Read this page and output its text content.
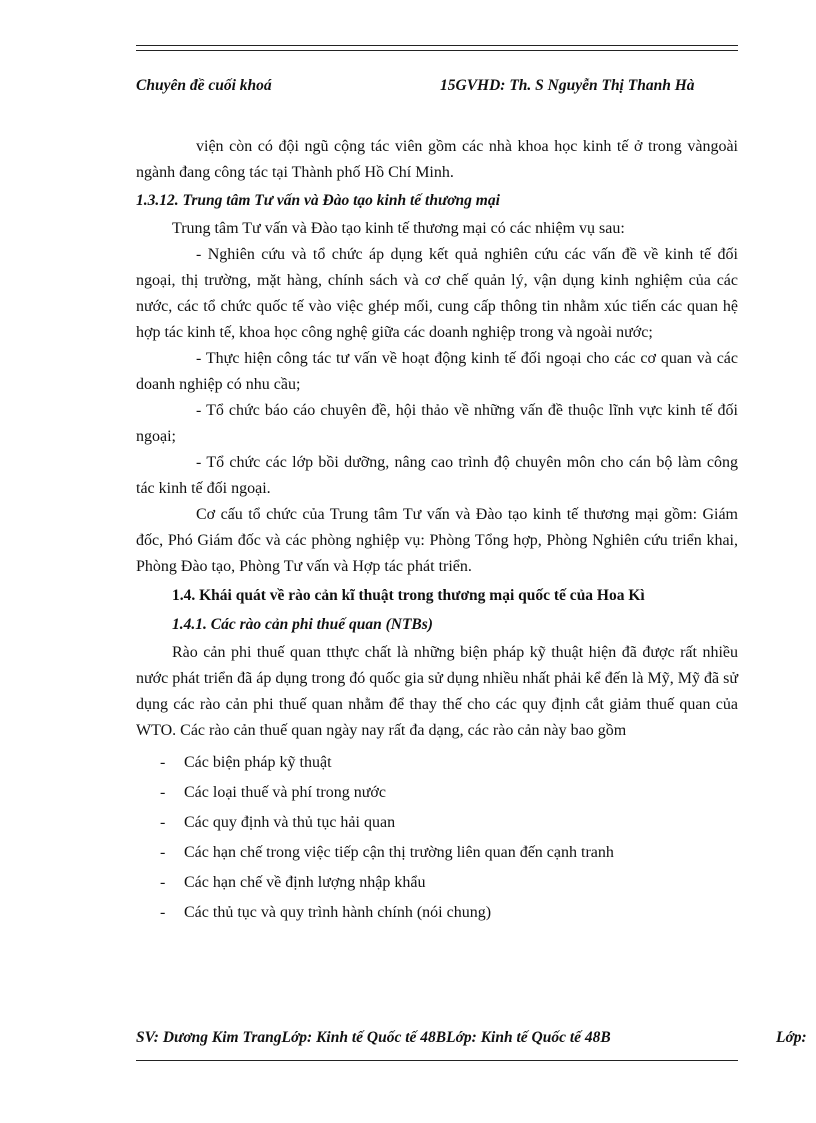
Chuyên đề cuối khoá	15GVHD: Th. S Nguyễn Thị Thanh Hà

viện còn có đội ngũ cộng tác viên gồm các nhà khoa học kinh tế ở trong vàngoài ngành đang công tác tại Thành phố Hồ Chí Minh.

1.3.12. Trung tâm Tư vấn và Đào tạo kinh tế thương mại

Trung tâm Tư vấn và Đào tạo kinh tế thương mại có các nhiệm vụ sau:

- Nghiên cứu và tổ chức áp dụng kết quả nghiên cứu các vấn đề về kinh tế đối ngoại, thị trường, mặt hàng, chính sách và cơ chế quản lý, vận dụng kinh nghiệm của các nước, các tổ chức quốc tế vào việc ghép mối, cung cấp thông tin nhằm xúc tiến các quan hệ hợp tác kinh tế, khoa học công nghệ giữa các doanh nghiệp trong và ngoài nước;

- Thực hiện công tác tư vấn về hoạt động kinh tế đối ngoại cho các cơ quan và các doanh nghiệp có nhu cầu;

- Tổ chức báo cáo chuyên đề, hội thảo về những vấn đề thuộc lĩnh vực kinh tế đối ngoại;

- Tổ chức các lớp bồi dưỡng, nâng cao trình độ chuyên môn cho cán bộ làm công tác kinh tế đối ngoại.

Cơ cấu tổ chức của Trung tâm Tư vấn và Đào tạo kinh tế thương mại gồm: Giám đốc, Phó Giám đốc và các phòng nghiệp vụ: Phòng Tổng hợp, Phòng Nghiên cứu triển khai, Phòng Đào tạo, Phòng Tư vấn và Hợp tác phát triển.

1.4. Khái quát về rào cản kĩ thuật trong thương mại quốc tế của Hoa Kì

1.4.1. Các rào cản phi thuế quan (NTBs)

Rào cản phi thuế quan tthực chất là những biện pháp kỹ thuật hiện đã được rất nhiều nước phát triển đã áp dụng trong đó quốc gia sử dụng nhiều nhất phải kể đến là Mỹ, Mỹ đã sử dụng các rào cản phi thuế quan nhằm để thay thế cho các quy định cắt giảm thuế quan của WTO. Các rào cản thuế quan ngày nay rất đa dạng, các rào cản này bao gồm

- Các biện pháp kỹ thuật
- Các loại thuế và phí trong nước
- Các quy định và thủ tục hải quan
- Các hạn chế trong việc tiếp cận thị trường liên quan đến cạnh tranh
- Các hạn chế về định lượng nhập khẩu
- Các thủ tục và quy trình hành chính (nói chung)
SV: Dương Kim TrangLớp: Kinh tế Quốc tế 48BLớp: Kinh tế Quốc tế 48B	Lớp:
